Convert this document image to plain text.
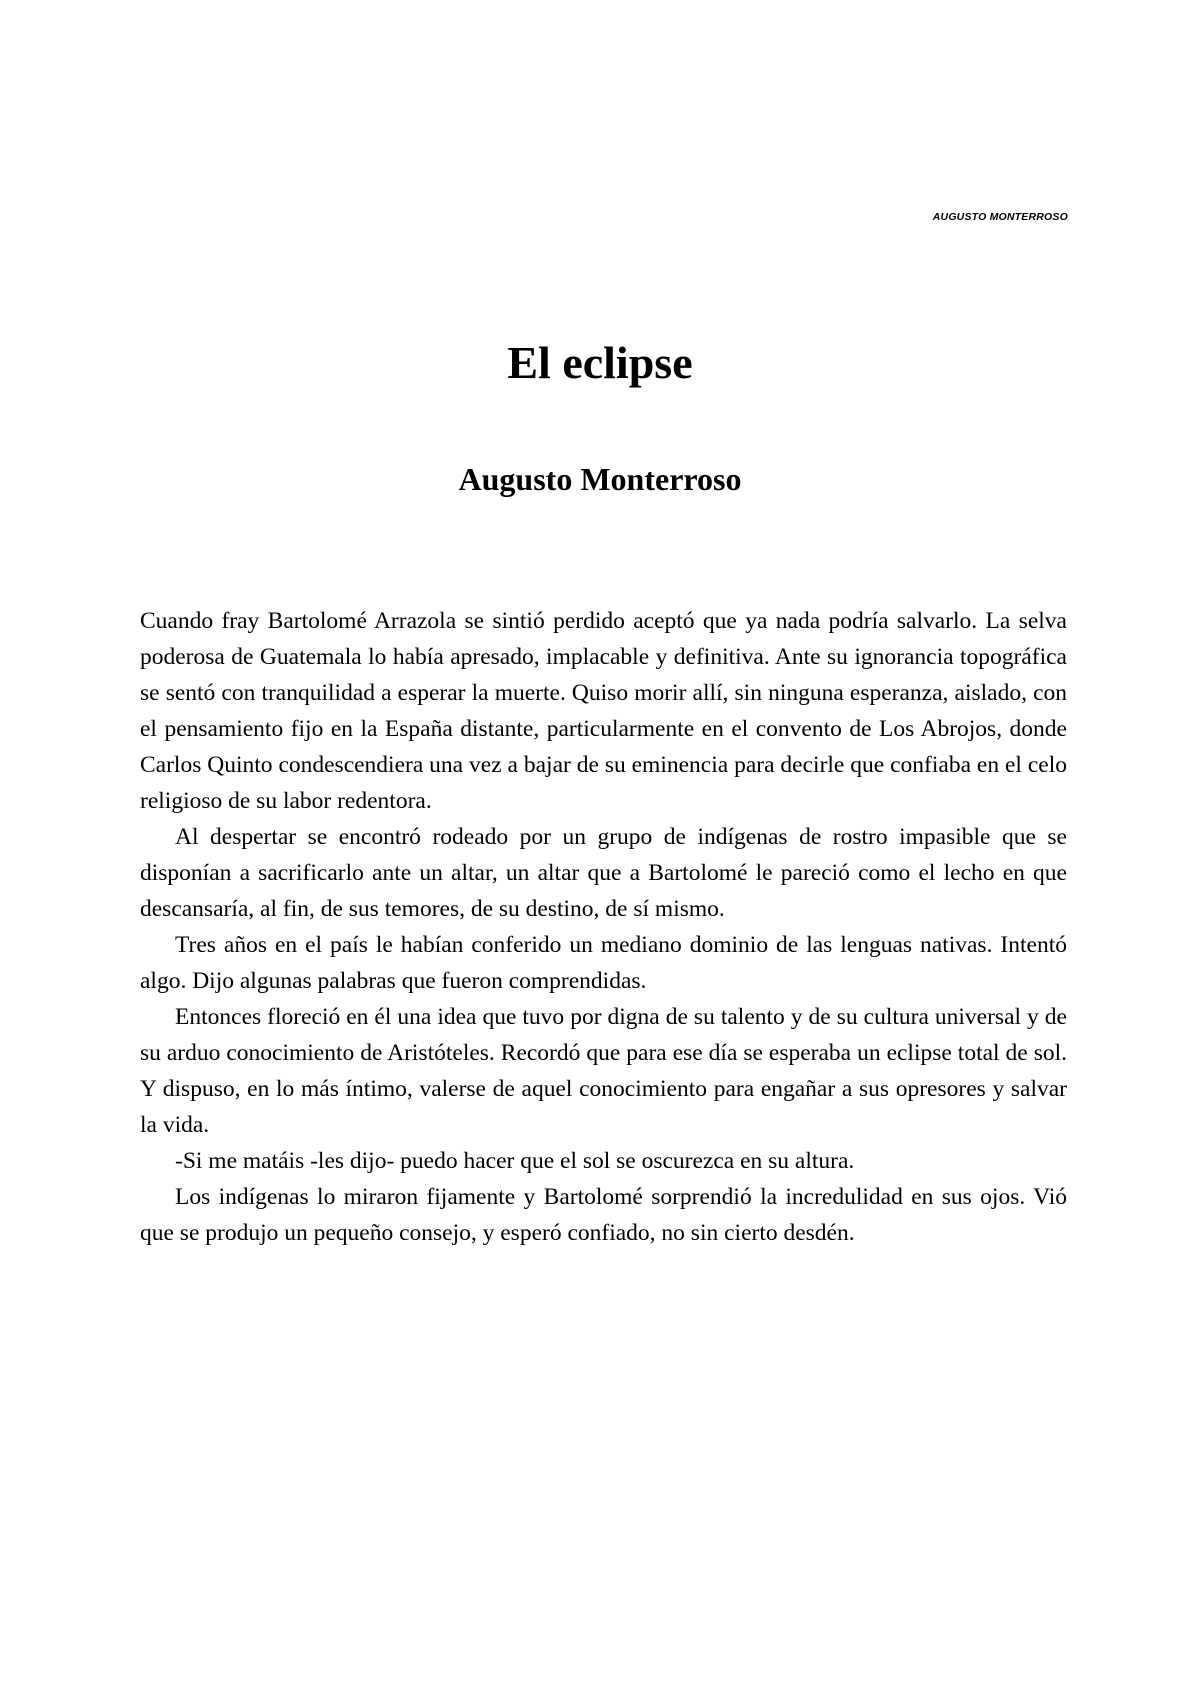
AUGUSTO MONTERROSO
El eclipse
Augusto Monterroso

Cuando fray Bartolomé Arrazola se sintió perdido aceptó que ya nada podría salvarlo. La selva poderosa de Guatemala lo había apresado, implacable y definitiva. Ante su ignorancia topográfica se sentó con tranquilidad a esperar la muerte. Quiso morir allí, sin ninguna esperanza, aislado, con el pensamiento fijo en la España distante, particularmente en el convento de Los Abrojos, donde Carlos Quinto condescendiera una vez a bajar de su eminencia para decirle que confiaba en el celo religioso de su labor redentora.

Al despertar se encontró rodeado por un grupo de indígenas de rostro impasible que se disponían a sacrificarlo ante un altar, un altar que a Bartolomé le pareció como el lecho en que descansaría, al fin, de sus temores, de su destino, de sí mismo.

Tres años en el país le habían conferido un mediano dominio de las lenguas nativas. Intentó algo. Dijo algunas palabras que fueron comprendidas.

Entonces floreció en él una idea que tuvo por digna de su talento y de su cultura universal y de su arduo conocimiento de Aristóteles. Recordó que para ese día se esperaba un eclipse total de sol. Y dispuso, en lo más íntimo, valerse de aquel conocimiento para engañar a sus opresores y salvar la vida.

-Si me matáis -les dijo- puedo hacer que el sol se oscurezca en su altura.

Los indígenas lo miraron fijamente y Bartolomé sorprendió la incredulidad en sus ojos. Vió que se produjo un pequeño consejo, y esperó confiado, no sin cierto desdén.
